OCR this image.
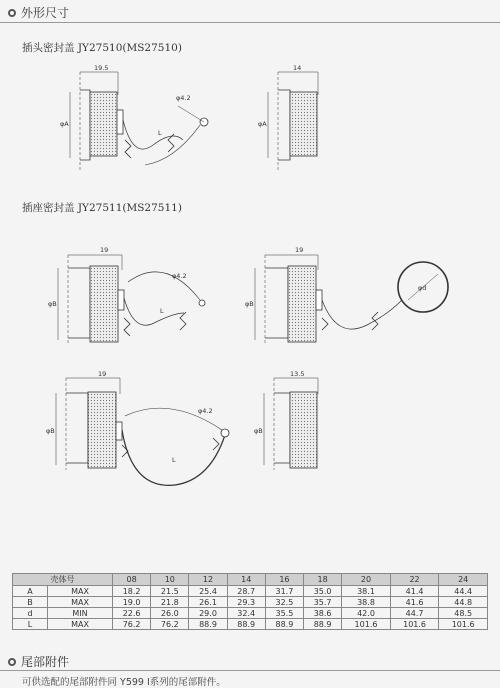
外形尺寸
插头密封盖 JY27510(MS27510)
插座密封盖 JY27511(MS27511)
19.5
φ4.2
φA
L
14
φA
19
φ4.2
φB
L
19
φB
φd
19
φ4.2
φB
L
13.5
φB
壳体号		08	10	12	14	16	18	20	22	24
A	MAX	18.2	21.5	25.4	28.7	31.7	35.0	38.1	41.4	44.4
B	MAX	19.0	21.8	26.1	29.3	32.5	35.7	38.8	41.6	44.8
d	MIN	22.6	26.0	29.0	32.4	35.5	38.6	42.0	44.7	48.5
L	MAX	76.2	76.2	88.9	88.9	88.9	88.9	101.6	101.6	101.6
尾部附件
可供选配的尾部附件同 Y599 Ⅰ系列的尾部附件。
